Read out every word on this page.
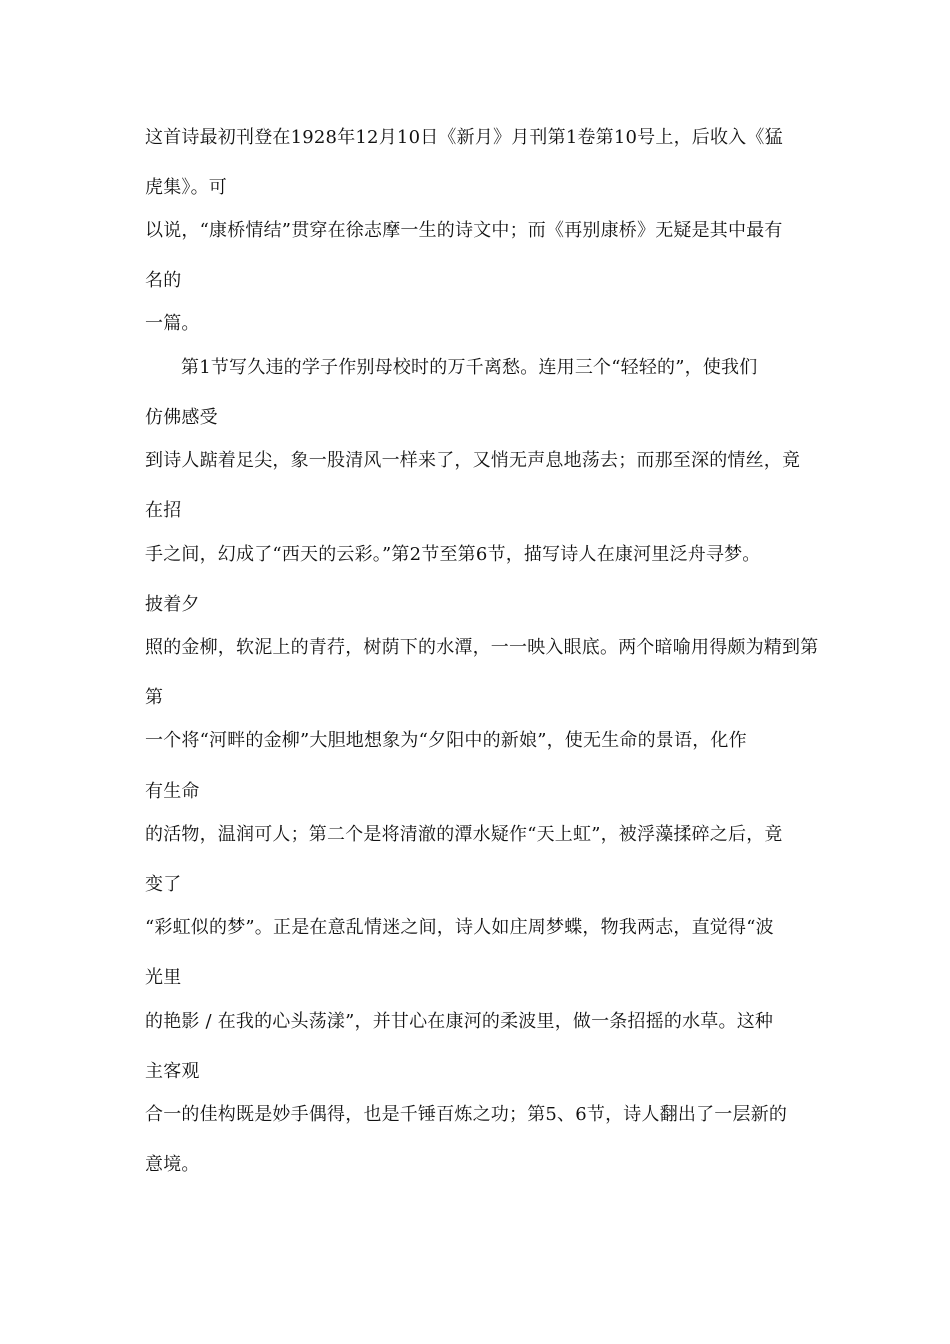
这首诗最初刊登在1928年12月10日《新月》月刊第1卷第10号上，后收入《猛
虎集》。可
以说，“康桥情结”贯穿在徐志摩一生的诗文中；而《再别康桥》无疑是其中最有
名的
一篇。
第1节写久违的学子作别母校时的万千离愁。连用三个“轻轻的”，使我们
仿佛感受
到诗人踮着足尖，象一股清风一样来了，又悄无声息地荡去；而那至深的情丝，竟
在招
手之间，幻成了“西天的云彩。”第2节至第6节，描写诗人在康河里泛舟寻梦。
披着夕
照的金柳，软泥上的青荇，树荫下的水潭，一一映入眼底。两个暗喻用得颇为精到第
第
一个将“河畔的金柳”大胆地想象为“夕阳中的新娘”，使无生命的景语，化作
有生命
的活物，温润可人；第二个是将清澈的潭水疑作“天上虹”，被浮藻揉碎之后，竟
变了
“彩虹似的梦”。正是在意乱情迷之间，诗人如庄周梦蝶，物我两志，直觉得“波
光里
的艳影 / 在我的心头荡漾”，并甘心在康河的柔波里，做一条招摇的水草。这种
主客观
合一的佳构既是妙手偶得，也是千锤百炼之功；第5、6节，诗人翻出了一层新的
意境。
